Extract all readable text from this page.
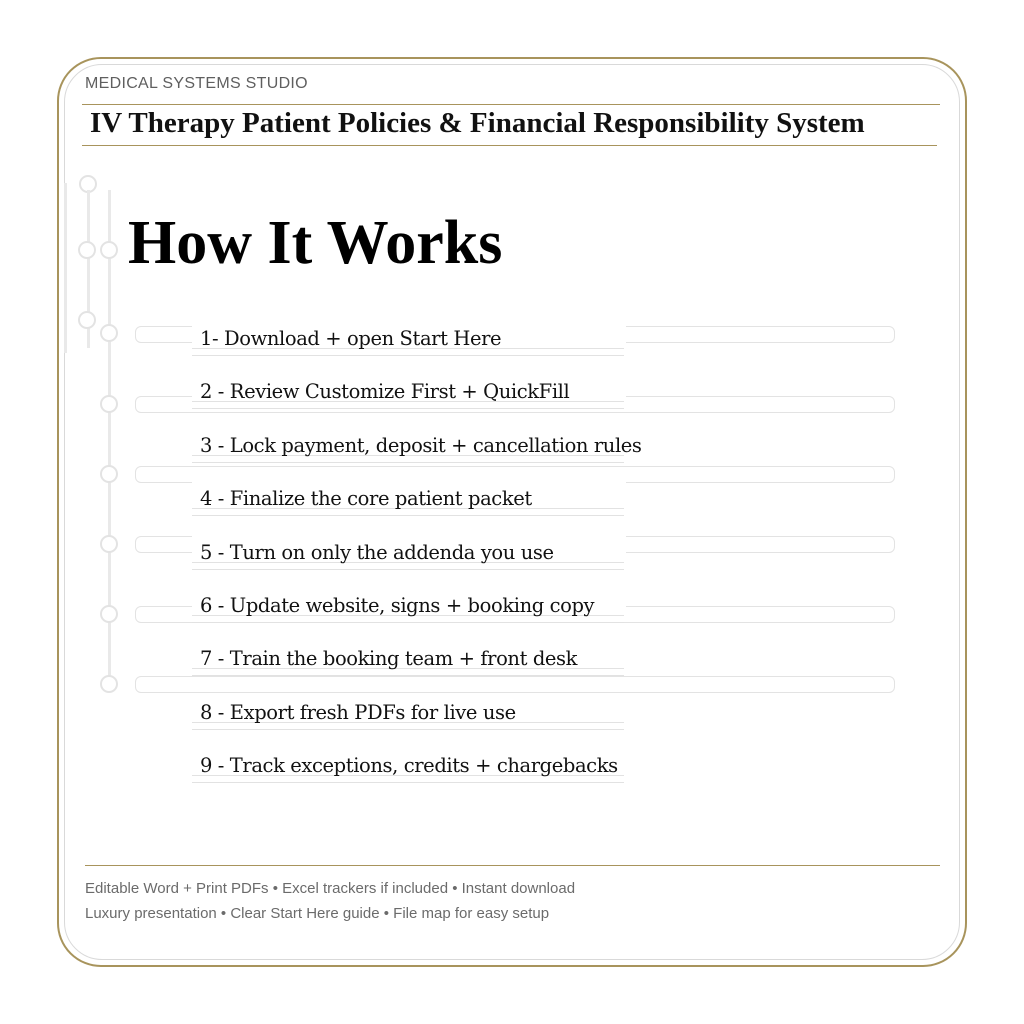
MEDICAL SYSTEMS STUDIO
IV Therapy Patient Policies & Financial Responsibility System
How It Works
1- Download + open Start Here
2 - Review Customize First + QuickFill
3 - Lock payment, deposit + cancellation rules
4 - Finalize the core patient packet
5 - Turn on only the addenda you use
6 - Update website, signs + booking copy
7 - Train the booking team + front desk
8 - Export fresh PDFs for live use
9 - Track exceptions, credits + chargebacks
Editable Word + Print PDFs • Excel trackers if included • Instant download
Luxury presentation • Clear Start Here guide • File map for easy setup
